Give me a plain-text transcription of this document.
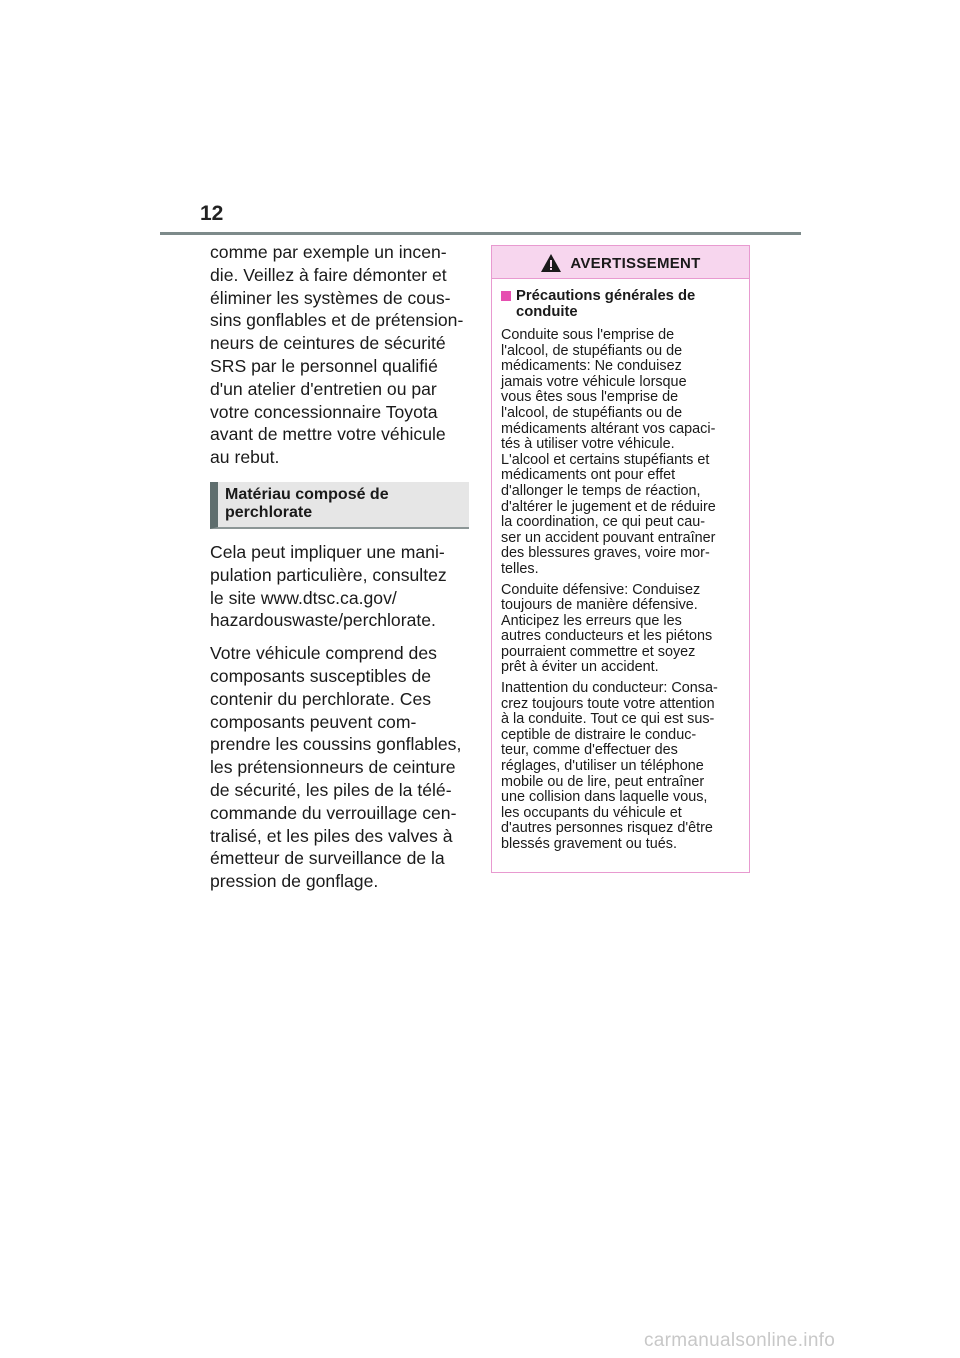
12

comme par exemple un incen-
die. Veillez à faire démonter et
éliminer les systèmes de cous-
sins gonflables et de prétension-
neurs de ceintures de sécurité
SRS par le personnel qualifié
d'un atelier d'entretien ou par
votre concessionnaire Toyota
avant de mettre votre véhicule
au rebut.

Matériau composé de
perchlorate

Cela peut impliquer une mani-
pulation particulière, consultez
le site www.dtsc.ca.gov/
hazardouswaste/perchlorate.

Votre véhicule comprend des
composants susceptibles de
contenir du perchlorate. Ces
composants peuvent com-
prendre les coussins gonflables,
les prétensionneurs de ceinture
de sécurité, les piles de la télé-
commande du verrouillage cen-
tralisé, et les piles des valves à
émetteur de surveillance de la
pression de gonflage.

AVERTISSEMENT
Précautions générales de
conduite

Conduite sous l'emprise de
l'alcool, de stupéfiants ou de
médicaments: Ne conduisez
jamais votre véhicule lorsque
vous êtes sous l'emprise de
l'alcool, de stupéfiants ou de
médicaments altérant vos capaci-
tés à utiliser votre véhicule.
L'alcool et certains stupéfiants et
médicaments ont pour effet
d'allonger le temps de réaction,
d'altérer le jugement et de réduire
la coordination, ce qui peut cau-
ser un accident pouvant entraîner
des blessures graves, voire mor-
telles.

Conduite défensive: Conduisez
toujours de manière défensive.
Anticipez les erreurs que les
autres conducteurs et les piétons
pourraient commettre et soyez
prêt à éviter un accident.

Inattention du conducteur: Consa-
crez toujours toute votre attention
à la conduite. Tout ce qui est sus-
ceptible de distraire le conduc-
teur, comme d'effectuer des
réglages, d'utiliser un téléphone
mobile ou de lire, peut entraîner
une collision dans laquelle vous,
les occupants du véhicule et
d'autres personnes risquez d'être
blessés gravement ou tués.

carmanualsonline.info
